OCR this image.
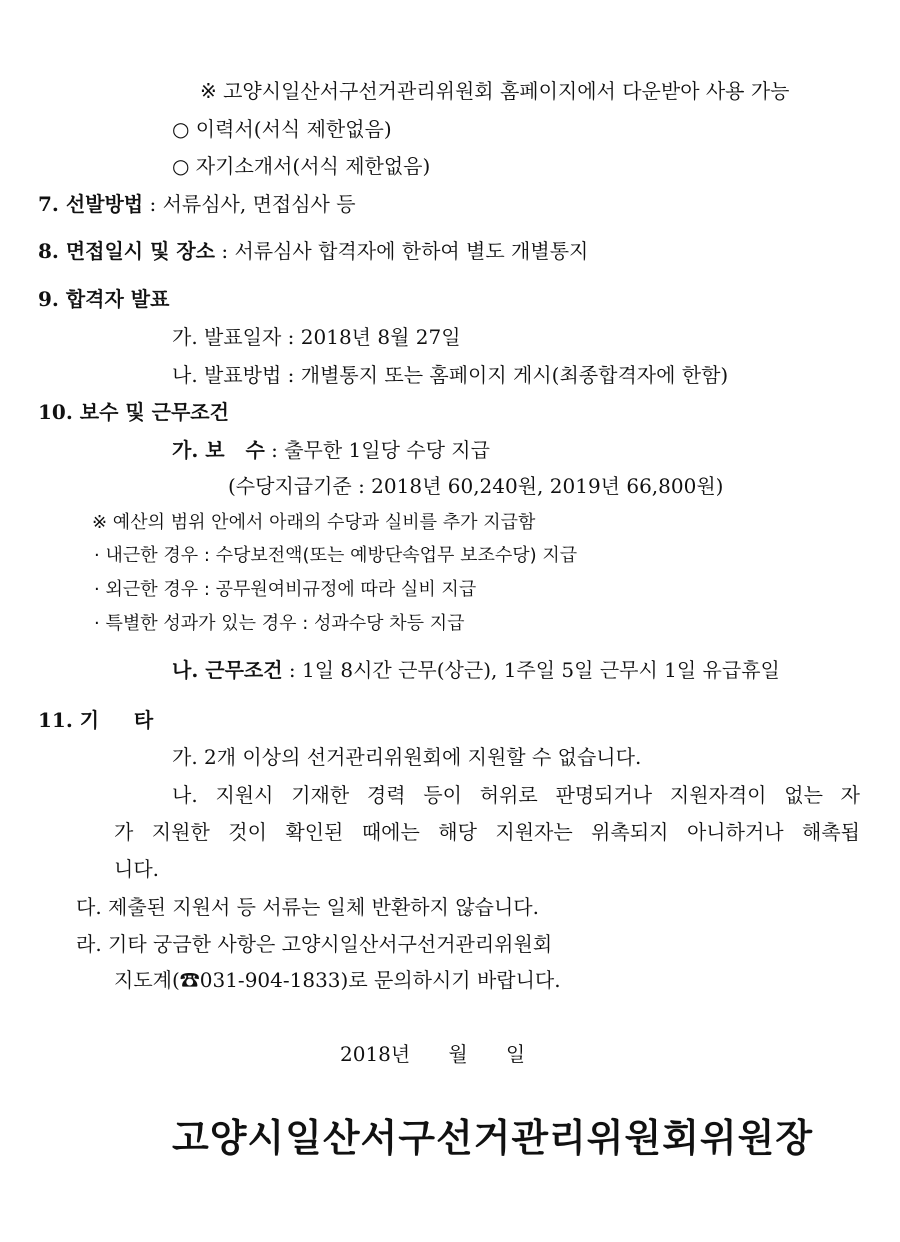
※ 고양시일산서구선거관리위원회 홈페이지에서 다운받아 사용 가능
○ 이력서(서식 제한없음)
○ 자기소개서(서식 제한없음)
7. 선발방법 : 서류심사, 면접심사 등
8. 면접일시 및 장소 : 서류심사 합격자에 한하여 별도 개별통지
9. 합격자 발표
가. 발표일자 : 2018년 8월 27일
나. 발표방법 : 개별통지 또는 홈페이지 게시(최종합격자에 한함)
10. 보수 및 근무조건
가. 보   수 : 출무한 1일당 수당 지급
(수당지급기준 : 2018년 60,240원, 2019년 66,800원)
※ 예산의 범위 안에서 아래의 수당과 실비를 추가 지급함
· 내근한 경우 : 수당보전액(또는 예방단속업무 보조수당) 지급
· 외근한 경우 : 공무원여비규정에 따라 실비 지급
· 특별한 성과가 있는 경우 : 성과수당 차등 지급
나. 근무조건 : 1일 8시간 근무(상근), 1주일 5일 근무시 1일 유급휴일
11. 기     타
가. 2개 이상의 선거관리위원회에 지원할 수 없습니다.
나. 지원시 기재한 경력 등이 허위로 판명되거나 지원자격이 없는 자
가 지원한 것이 확인된 때에는 해당 지원자는 위촉되지 아니하거나 해촉됩
니다.
다. 제출된 지원서 등 서류는 일체 반환하지 않습니다.
라. 기타 궁금한 사항은 고양시일산서구선거관리위원회
지도계(☎031-904-1833)로 문의하시기 바랍니다.
2018년      월      일
고양시일산서구선거관리위원회위원장
